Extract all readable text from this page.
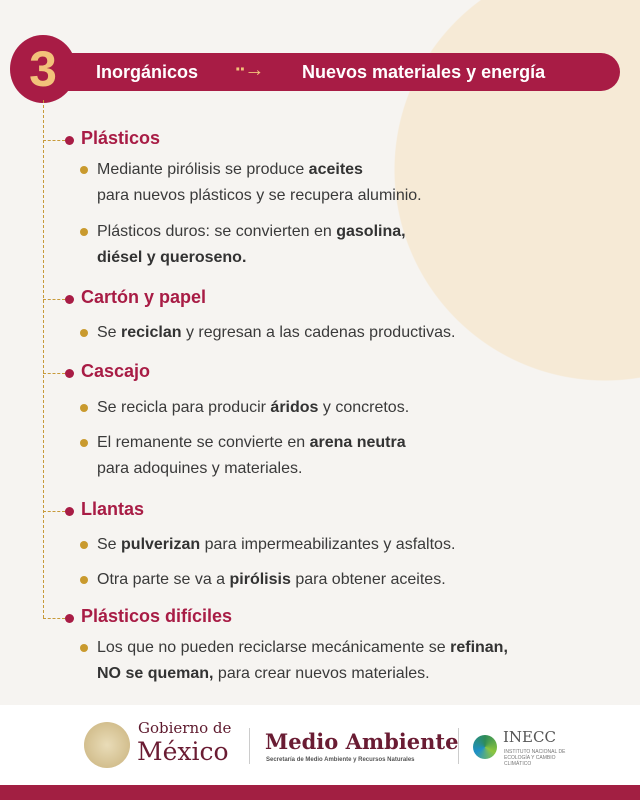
Inorgánicos ··→ Nuevos materiales y energía
3
Plásticos
Mediante pirólisis se produce aceites
para nuevos plásticos y se recupera aluminio.
Plásticos duros: se convierten en gasolina,
diésel y queroseno.
Cartón y papel
Se reciclan y regresan a las cadenas productivas.
Cascajo
Se recicla para producir áridos y concretos.
El remanente se convierte en arena neutra
para adoquines y materiales.
Llantas
Se pulverizan para impermeabilizantes y asfaltos.
Otra parte se va a pirólisis para obtener aceites.
Plásticos difíciles
Los que no pueden reciclarse mecánicamente se refinan,
NO se queman, para crear nuevos materiales.
Gobierno de
México Medio Ambiente
Secretaría de Medio Ambiente y Recursos Naturales
INECC
INSTITUTO NACIONAL DE ECOLOGÍA Y CAMBIO CLIMÁTICO
